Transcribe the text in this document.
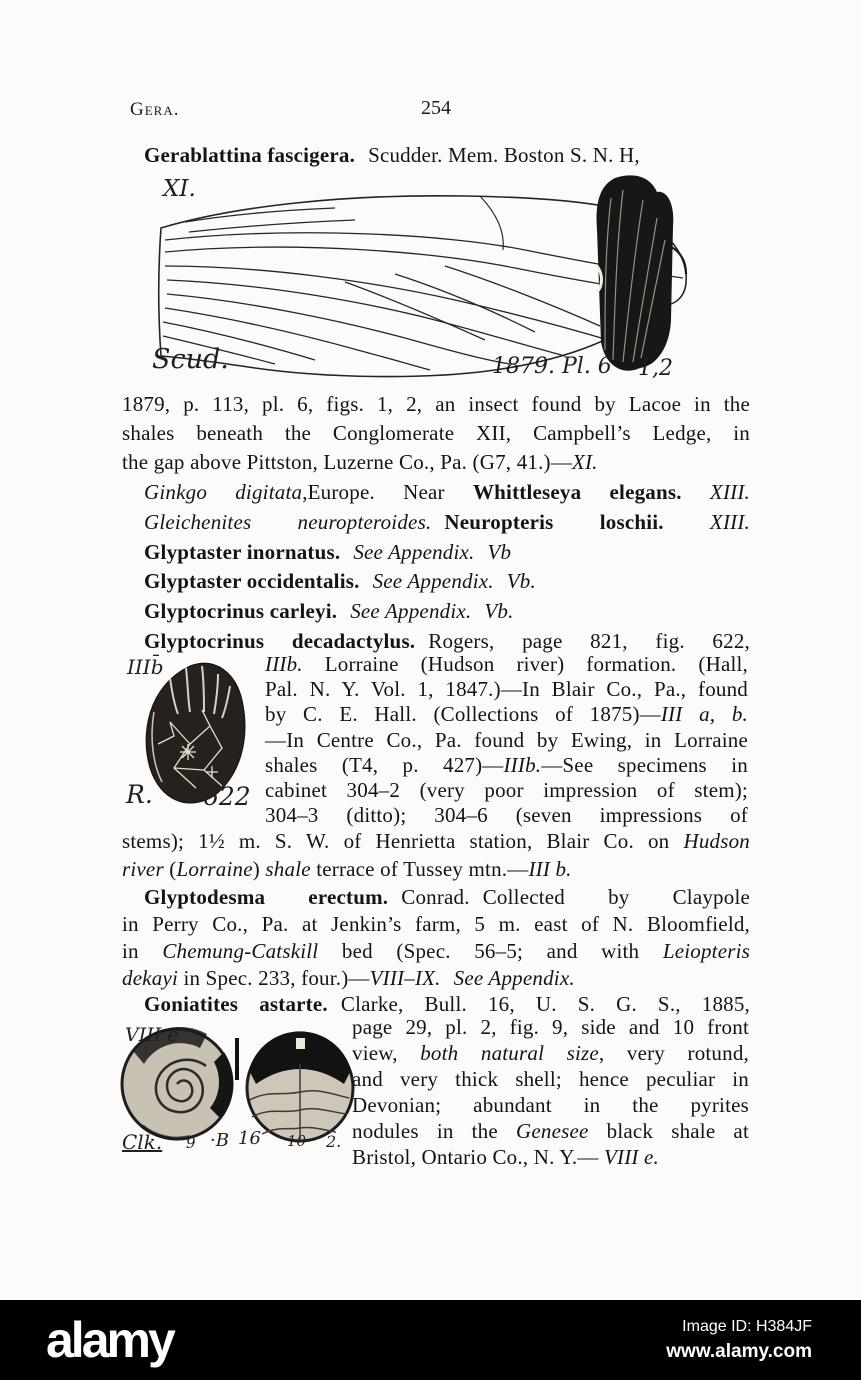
Gera.	254
Gerablattina fascigera. Scudder. Mem. Boston S. N. H,
XI.
Scud.	1879. Pl. 6 1,2
1879, p. 113, pl. 6, figs. 1, 2, an insect found by Lacoe in the
shales beneath the Conglomerate XII, Campbell’s Ledge, in
the gap above Pittston, Luzerne Co., Pa. (G7, 41.)—XI.
Ginkgo digitata,Europe. Near Whittleseya elegans. XIII.
Gleichenites neuropteroides. Neuropteris loschii. XIII.
Glyptaster inornatus. See Appendix. Vb
Glyptaster occidentalis. See Appendix. Vb.
Glyptocrinus carleyi. See Appendix. Vb.
Glyptocrinus decadactylus. Rogers, page 821, fig. 622,
IIIb̄
R. 622
IIIb. Lorraine (Hudson river) formation. (Hall,
Pal. N. Y. Vol. 1, 1847.)—In Blair Co., Pa., found
by C. E. Hall. (Collections of 1875)—III a, b.
—In Centre Co., Pa. found by Ewing, in Lorraine
shales (T4, p. 427)—IIIb.—See specimens in
cabinet 304–2 (very poor impression of stem);
304–3 (ditto); 304–6 (seven impressions of
stems); 1½ m. S. W. of Henrietta station, Blair Co. on Hudson
river (Lorraine) shale terrace of Tussey mtn.—III b.
Glyptodesma erectum. Conrad. Collected by Claypole
in Perry Co., Pa. at Jenkin’s farm, 5 m. east of N. Bloomfield,
in Chemung-Catskill bed (Spec. 56–5; and with Leiopteris
dekayi in Spec. 233, four.)—VIII–IX. See Appendix.
Goniatites astarte. Clarke, Bull. 16, U. S. G. S., 1885,
VIII e
Clk. 9 ·B 16 10 2.
page 29, pl. 2, fig. 9, side and 10 front
view, both natural size, very rotund,
and very thick shell; hence peculiar in
Devonian; abundant in the pyrites
nodules in the Genesee black shale at
Bristol, Ontario Co., N. Y.— VIII e.
alamy	Image ID: H384JF
www.alamy.com
